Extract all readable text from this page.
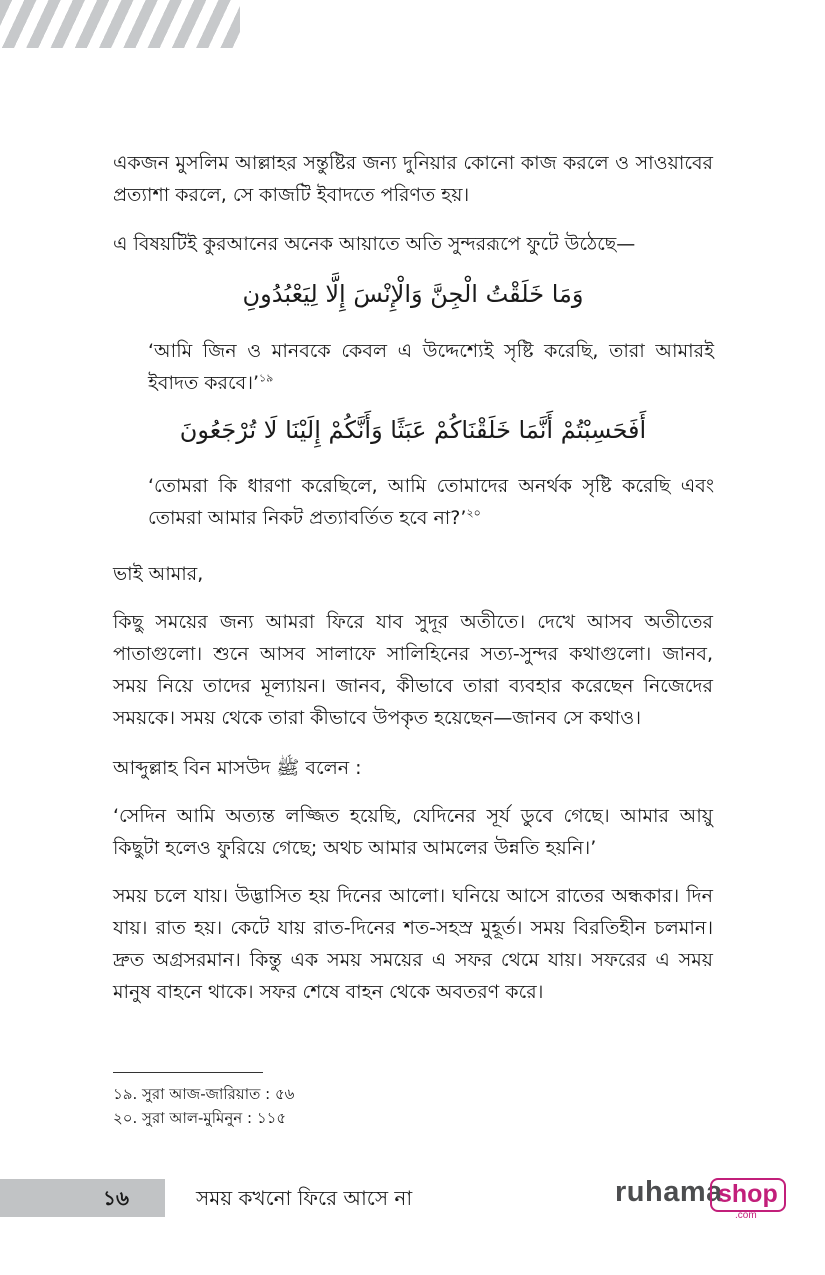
একজন মুসলিম আল্লাহর সন্তুষ্টির জন্য দুনিয়ার কোনো কাজ করলে ও সাওয়াবের প্রত্যাশা করলে, সে কাজটি ইবাদতে পরিণত হয়।

এ বিষয়টিই কুরআনের অনেক আয়াতে অতি সুন্দররূপে ফুটে উঠেছে—

وَمَا خَلَقْتُ الْجِنَّ وَالْإِنْسَ إِلَّا لِيَعْبُدُونِ

‘আমি জিন ও মানবকে কেবল এ উদ্দেশ্যেই সৃষ্টি করেছি, তারা আমারই ইবাদত করবে।’$^{১৯}$

أَفَحَسِبْتُمْ أَنَّمَا خَلَقْنَاكُمْ عَبَثًا وَأَنَّكُمْ إِلَيْنَا لَا تُرْجَعُونَ

‘তোমরা কি ধারণা করেছিলে, আমি তোমাদের অনর্থক সৃষ্টি করেছি এবং তোমরা আমার নিকট প্রত্যাবর্তিত হবে না?’$^{২০}$

ভাই আমার,

কিছু সময়ের জন্য আমরা ফিরে যাব সুদূর অতীতে। দেখে আসব অতীতের পাতাগুলো। শুনে আসব সালাফে সালিহিনের সত্য-সুন্দর কথাগুলো। জানব, সময় নিয়ে তাদের মূল্যায়ন। জানব, কীভাবে তারা ব্যবহার করেছেন নিজেদের সময়কে। সময় থেকে তারা কীভাবে উপকৃত হয়েছেন—জানব সে কথাও।

আব্দুল্লাহ বিন মাসউদ ﷺ বলেন :

‘সেদিন আমি অত্যন্ত লজ্জিত হয়েছি, যেদিনের সূর্য ডুবে গেছে। আমার আয়ু কিছুটা হলেও ফুরিয়ে গেছে; অথচ আমার আমলের উন্নতি হয়নি।’

সময় চলে যায়। উদ্ভাসিত হয় দিনের আলো। ঘনিয়ে আসে রাতের অন্ধকার। দিন যায়। রাত হয়। কেটে যায় রাত-দিনের শত-সহস্র মুহূর্ত। সময় বিরতিহীন চলমান। দ্রুত অগ্রসরমান। কিন্তু এক সময় সময়ের এ সফর থেমে যায়। সফরের এ সময় মানুষ বাহনে থাকে। সফর শেষে বাহন থেকে অবতরণ করে।

১৯. সুরা আজ-জারিয়াত : ৫৬

২০. সুরা আল-মুমিনুন : ১১৫

১৬	সময় কখনো ফিরে আসে না	ruhama
shop
.com
